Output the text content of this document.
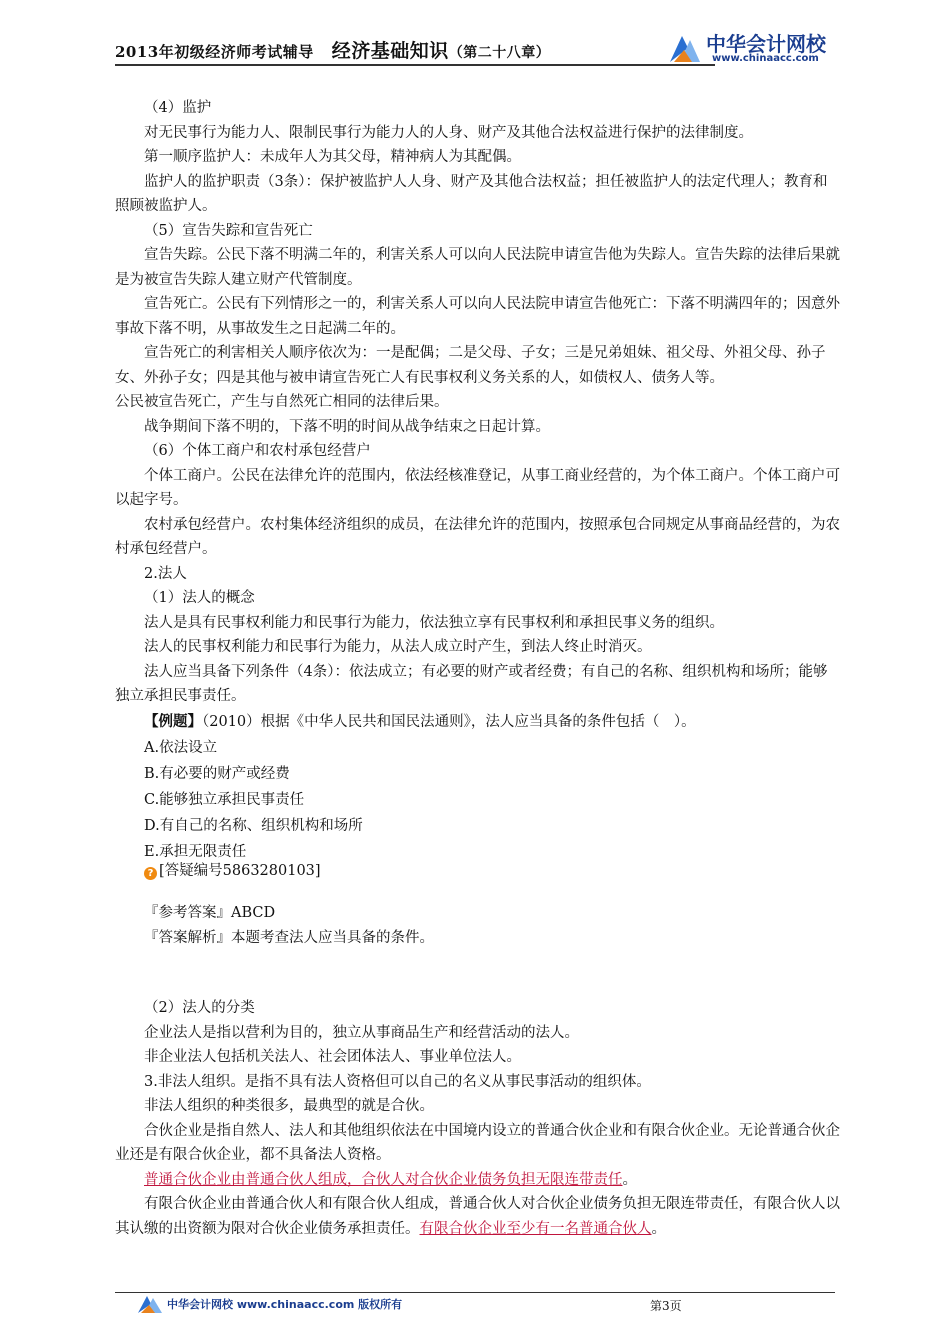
2013年初级经济师考试辅导 经济基础知识（第二十八章）	中华会计网校
www.chinaacc.com
（4）监护
对无民事行为能力人、限制民事行为能力人的人身、财产及其他合法权益进行保护的法律制度。
第一顺序监护人：未成年人为其父母，精神病人为其配偶。
监护人的监护职责（3条）：保护被监护人人身、财产及其他合法权益；担任被监护人的法定代理人；教育和照顾被监护人。
（5）宣告失踪和宣告死亡
宣告失踪。公民下落不明满二年的，利害关系人可以向人民法院申请宣告他为失踪人。宣告失踪的法律后果就是为被宣告失踪人建立财产代管制度。
宣告死亡。公民有下列情形之一的，利害关系人可以向人民法院申请宣告他死亡：下落不明满四年的；因意外事故下落不明，从事故发生之日起满二年的。
宣告死亡的利害相关人顺序依次为：一是配偶；二是父母、子女；三是兄弟姐妹、祖父母、外祖父母、孙子女、外孙子女；四是其他与被申请宣告死亡人有民事权利义务关系的人，如债权人、债务人等。
公民被宣告死亡，产生与自然死亡相同的法律后果。
战争期间下落不明的，下落不明的时间从战争结束之日起计算。
（6）个体工商户和农村承包经营户
个体工商户。公民在法律允许的范围内，依法经核准登记，从事工商业经营的，为个体工商户。个体工商户可以起字号。
农村承包经营户。农村集体经济组织的成员，在法律允许的范围内，按照承包合同规定从事商品经营的，为农村承包经营户。
2.法人
（1）法人的概念
法人是具有民事权利能力和民事行为能力，依法独立享有民事权利和承担民事义务的组织。
法人的民事权利能力和民事行为能力，从法人成立时产生，到法人终止时消灭。
法人应当具备下列条件（4条）：依法成立；有必要的财产或者经费；有自己的名称、组织机构和场所；能够独立承担民事责任。
【例题】（2010）根据《中华人民共和国民法通则》，法人应当具备的条件包括（　）。
A.依法设立
B.有必要的财产或经费
C.能够独立承担民事责任
D.有自己的名称、组织机构和场所
E.承担无限责任
? [答疑编号5863280103]
『参考答案』ABCD
『答案解析』本题考查法人应当具备的条件。
（2）法人的分类
企业法人是指以营利为目的，独立从事商品生产和经营活动的法人。
非企业法人包括机关法人、社会团体法人、事业单位法人。
3.非法人组织。是指不具有法人资格但可以自己的名义从事民事活动的组织体。
非法人组织的种类很多，最典型的就是合伙。
合伙企业是指自然人、法人和其他组织依法在中国境内设立的普通合伙企业和有限合伙企业。无论普通合伙企业还是有限合伙企业，都不具备法人资格。
普通合伙企业由普通合伙人组成，合伙人对合伙企业债务负担无限连带责任。
有限合伙企业由普通合伙人和有限合伙人组成，普通合伙人对合伙企业债务负担无限连带责任，有限合伙人以其认缴的出资额为限对合伙企业债务承担责任。有限合伙企业至少有一名普通合伙人。
中华会计网校 www.chinaacc.com 版权所有	第3页
